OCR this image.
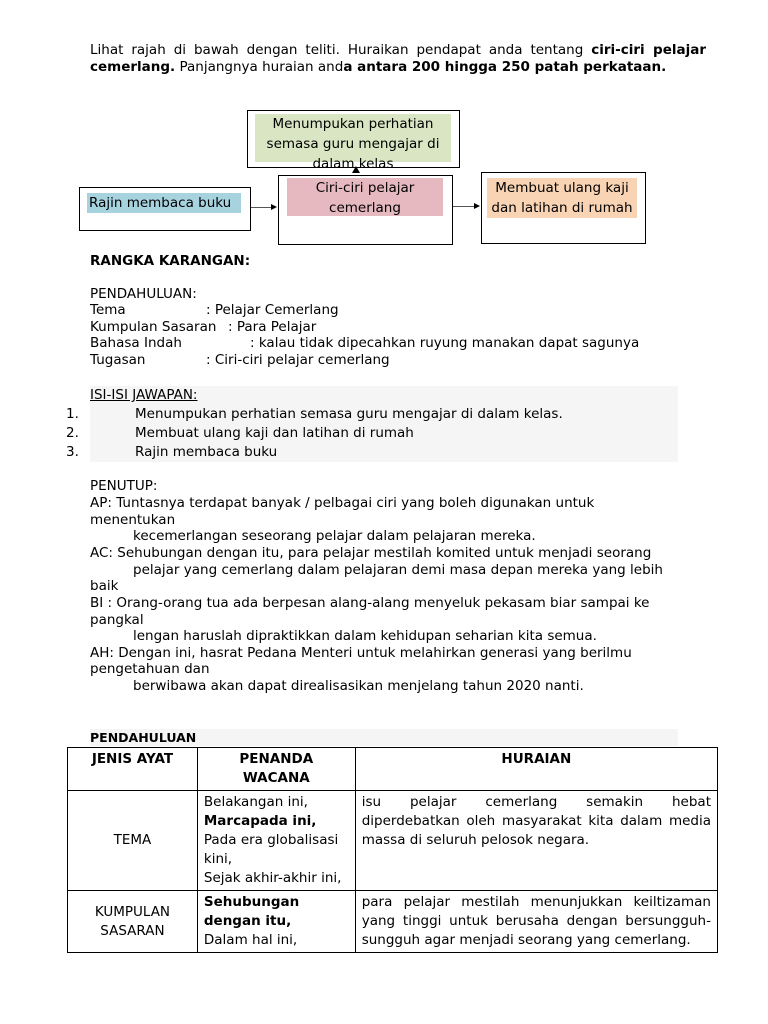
Lihat rajah di bawah dengan teliti. Huraikan pendapat anda tentang ciri-ciri pelajar cemerlang. Panjangnya huraian anda antara 200 hingga 250 patah perkataan.
Menumpukan perhatian semasa guru mengajar di dalam kelas
Rajin membaca buku
Ciri-ciri pelajar cemerlang
Membuat ulang kaji dan latihan di rumah
RANGKA KARANGAN:
PENDAHULUAN:
Tema	: Pelajar Cemerlang
Kumpulan Sasaran : Para Pelajar
Bahasa Indah	: kalau tidak dipecahkan ruyung manakan dapat sagunya
Tugasan	: Ciri-ciri pelajar cemerlang
ISI-ISI JAWAPAN:
1.	Menumpukan perhatian semasa guru mengajar di dalam kelas.
2.	Membuat ulang kaji dan latihan di rumah
3.	Rajin membaca buku
PENUTUP:
AP: Tuntasnya terdapat banyak / pelbagai ciri yang boleh digunakan untuk
menentukan
kecemerlangan seseorang pelajar dalam pelajaran mereka.
AC: Sehubungan dengan itu, para pelajar mestilah komited untuk menjadi seorang
pelajar yang cemerlang dalam pelajaran demi masa depan mereka yang lebih
baik
BI : Orang-orang tua ada berpesan alang-alang menyeluk pekasam biar sampai ke
pangkal
lengan haruslah dipraktikkan dalam kehidupan seharian kita semua.
AH: Dengan ini, hasrat Pedana Menteri untuk melahirkan generasi yang berilmu
pengetahuan dan
berwibawa akan dapat direalisasikan menjelang tahun 2020 nanti.
PENDAHULUAN
JENIS AYAT	PENANDA WACANA	HURAIAN
TEMA	Belakangan ini,
Marcapada ini,
Pada era globalisasi kini,
Sejak akhir-akhir ini,	isu pelajar cemerlang semakin hebat diperdebatkan oleh masyarakat kita dalam media massa di seluruh pelosok negara.
KUMPULAN SASARAN	Sehubungan dengan itu,
Dalam hal ini,	para pelajar mestilah menunjukkan keiltizaman yang tinggi untuk berusaha dengan bersungguh-sungguh agar menjadi seorang yang cemerlang.
